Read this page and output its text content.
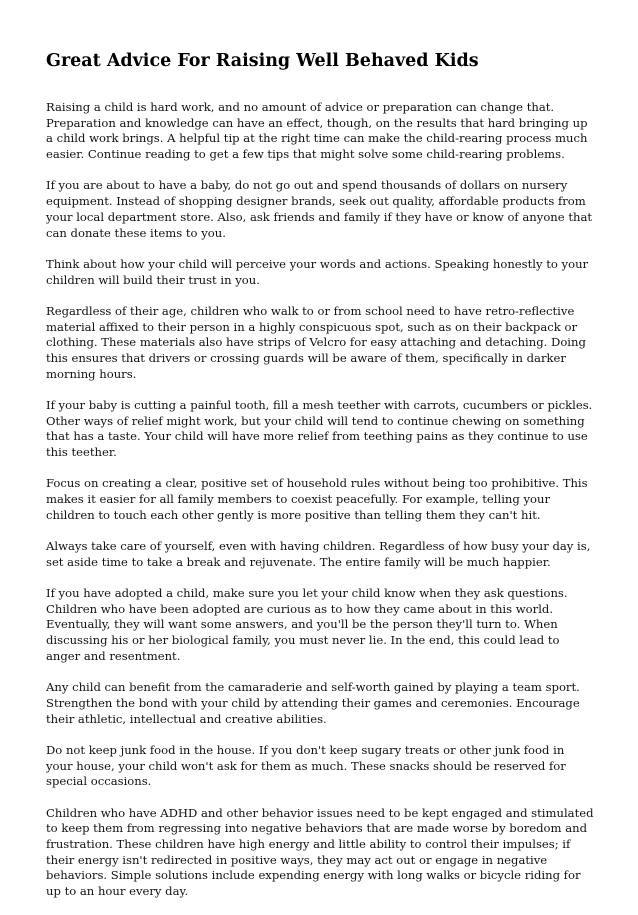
Great Advice For Raising Well Behaved Kids

Raising a child is hard work, and no amount of advice or preparation can change that. Preparation and knowledge can have an effect, though, on the results that hard bringing up a child work brings. A helpful tip at the right time can make the child-rearing process much easier. Continue reading to get a few tips that might solve some child-rearing problems.

If you are about to have a baby, do not go out and spend thousands of dollars on nursery equipment. Instead of shopping designer brands, seek out quality, affordable products from your local department store. Also, ask friends and family if they have or know of anyone that can donate these items to you.

Think about how your child will perceive your words and actions. Speaking honestly to your children will build their trust in you.

Regardless of their age, children who walk to or from school need to have retro-reflective material affixed to their person in a highly conspicuous spot, such as on their backpack or clothing. These materials also have strips of Velcro for easy attaching and detaching. Doing this ensures that drivers or crossing guards will be aware of them, specifically in darker morning hours.

If your baby is cutting a painful tooth, fill a mesh teether with carrots, cucumbers or pickles. Other ways of relief might work, but your child will tend to continue chewing on something that has a taste. Your child will have more relief from teething pains as they continue to use this teether.

Focus on creating a clear, positive set of household rules without being too prohibitive. This makes it easier for all family members to coexist peacefully. For example, telling your children to touch each other gently is more positive than telling them they can't hit.

Always take care of yourself, even with having children. Regardless of how busy your day is, set aside time to take a break and rejuvenate. The entire family will be much happier.

If you have adopted a child, make sure you let your child know when they ask questions. Children who have been adopted are curious as to how they came about in this world. Eventually, they will want some answers, and you'll be the person they'll turn to. When discussing his or her biological family, you must never lie. In the end, this could lead to anger and resentment.

Any child can benefit from the camaraderie and self-worth gained by playing a team sport. Strengthen the bond with your child by attending their games and ceremonies. Encourage their athletic, intellectual and creative abilities.

Do not keep junk food in the house. If you don't keep sugary treats or other junk food in your house, your child won't ask for them as much. These snacks should be reserved for special occasions.

Children who have ADHD and other behavior issues need to be kept engaged and stimulated to keep them from regressing into negative behaviors that are made worse by boredom and frustration. These children have high energy and little ability to control their impulses; if their energy isn't redirected in positive ways, they may act out or engage in negative behaviors. Simple solutions include expending energy with long walks or bicycle riding for up to an hour every day.
